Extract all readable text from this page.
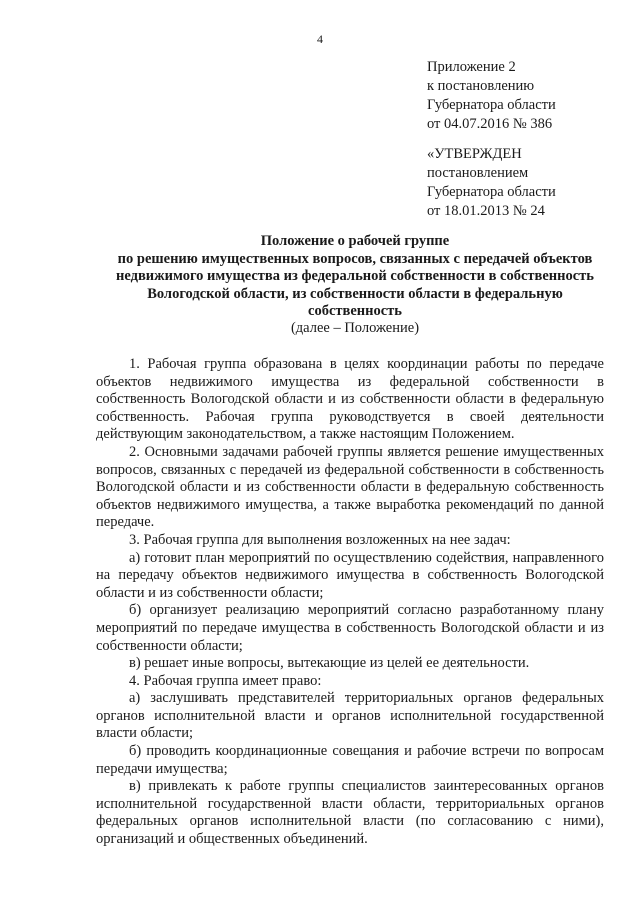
4
Приложение 2
к постановлению
Губернатора области
от 04.07.2016 № 386
«УТВЕРЖДЕН
постановлением
Губернатора области
от 18.01.2013 № 24
Положение о рабочей группе
по решению имущественных вопросов, связанных с передачей объектов
недвижимого имущества из федеральной собственности в собственность
Вологодской области, из собственности области в федеральную
собственность
(далее – Положение)

1. Рабочая группа образована в целях координации работы по передаче объектов недвижимого имущества из федеральной собственности в собственность Вологодской области и из собственности области в федеральную собственность. Рабочая группа руководствуется в своей деятельности действующим законодательством, а также настоящим Положением.

2. Основными задачами рабочей группы является решение имущественных вопросов, связанных с передачей из федеральной собственности в собственность Вологодской области и из собственности области в федеральную собственность объектов недвижимого имущества, а также выработка рекомендаций по данной передаче.

3. Рабочая группа для выполнения возложенных на нее задач:

а) готовит план мероприятий по осуществлению содействия, направленного на передачу объектов недвижимого имущества в собственность Вологодской области и из собственности области;

б) организует реализацию мероприятий согласно разработанному плану мероприятий по передаче имущества в собственность Вологодской области и из собственности области;

в) решает иные вопросы, вытекающие из целей ее деятельности.

4. Рабочая группа имеет право:

а) заслушивать представителей территориальных органов федеральных органов исполнительной власти и органов исполнительной государственной власти области;

б) проводить координационные совещания и рабочие встречи по вопросам передачи имущества;

в) привлекать к работе группы специалистов заинтересованных органов исполнительной государственной власти области, территориальных органов федеральных органов исполнительной власти (по согласованию с ними), организаций и общественных объединений.
